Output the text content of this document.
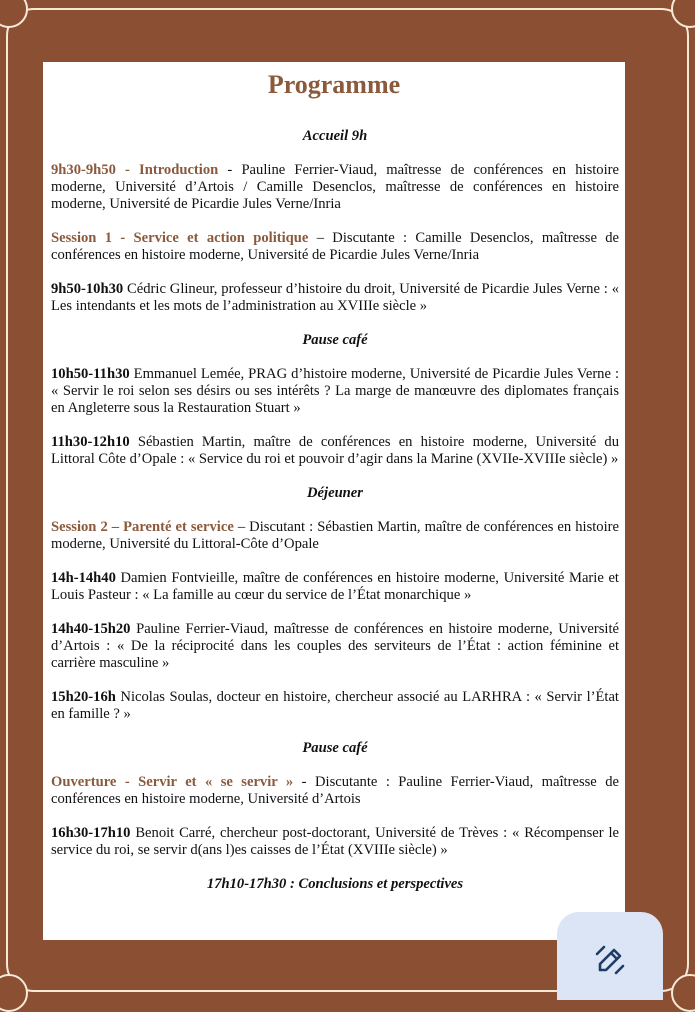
Programme

Accueil 9h

9h30-9h50 - Introduction - Pauline Ferrier-Viaud, maîtresse de conférences en histoire moderne, Université d’Artois / Camille Desenclos, maîtresse de conférences en histoire moderne, Université de Picardie Jules Verne/Inria

Session 1 - Service et action politique – Discutante : Camille Desenclos, maîtresse de conférences en histoire moderne, Université de Picardie Jules Verne/Inria

9h50-10h30 Cédric Glineur, professeur d’histoire du droit, Université de Picardie Jules Verne : « Les intendants et les mots de l’administration au XVIIIe siècle »

Pause café

10h50-11h30 Emmanuel Lemée, PRAG d’histoire moderne, Université de Picardie Jules Verne : « Servir le roi selon ses désirs ou ses intérêts ? La marge de manœuvre des diplomates français en Angleterre sous la Restauration Stuart »

11h30-12h10 Sébastien Martin, maître de conférences en histoire moderne, Université du Littoral Côte d’Opale : « Service du roi et pouvoir d’agir dans la Marine (XVIIe-XVIIIe siècle) »

Déjeuner

Session 2 – Parenté et service – Discutant : Sébastien Martin, maître de conférences en histoire moderne, Université du Littoral-Côte d’Opale

14h-14h40 Damien Fontvieille, maître de conférences en histoire moderne, Université Marie et Louis Pasteur : « La famille au cœur du service de l’État monarchique »

14h40-15h20 Pauline Ferrier-Viaud, maîtresse de conférences en histoire moderne, Université d’Artois : « De la réciprocité dans les couples des serviteurs de l’État : action féminine et carrière masculine »

15h20-16h Nicolas Soulas, docteur en histoire, chercheur associé au LARHRA : « Servir l’État en famille ? »

Pause café

Ouverture - Servir et « se servir » - Discutante : Pauline Ferrier-Viaud, maîtresse de conférences en histoire moderne, Université d’Artois

16h30-17h10 Benoit Carré, chercheur post-doctorant, Université de Trèves : « Récompenser le service du roi, se servir d(ans l)es caisses de l’État (XVIIIe siècle) »

17h10-17h30 : Conclusions et perspectives
